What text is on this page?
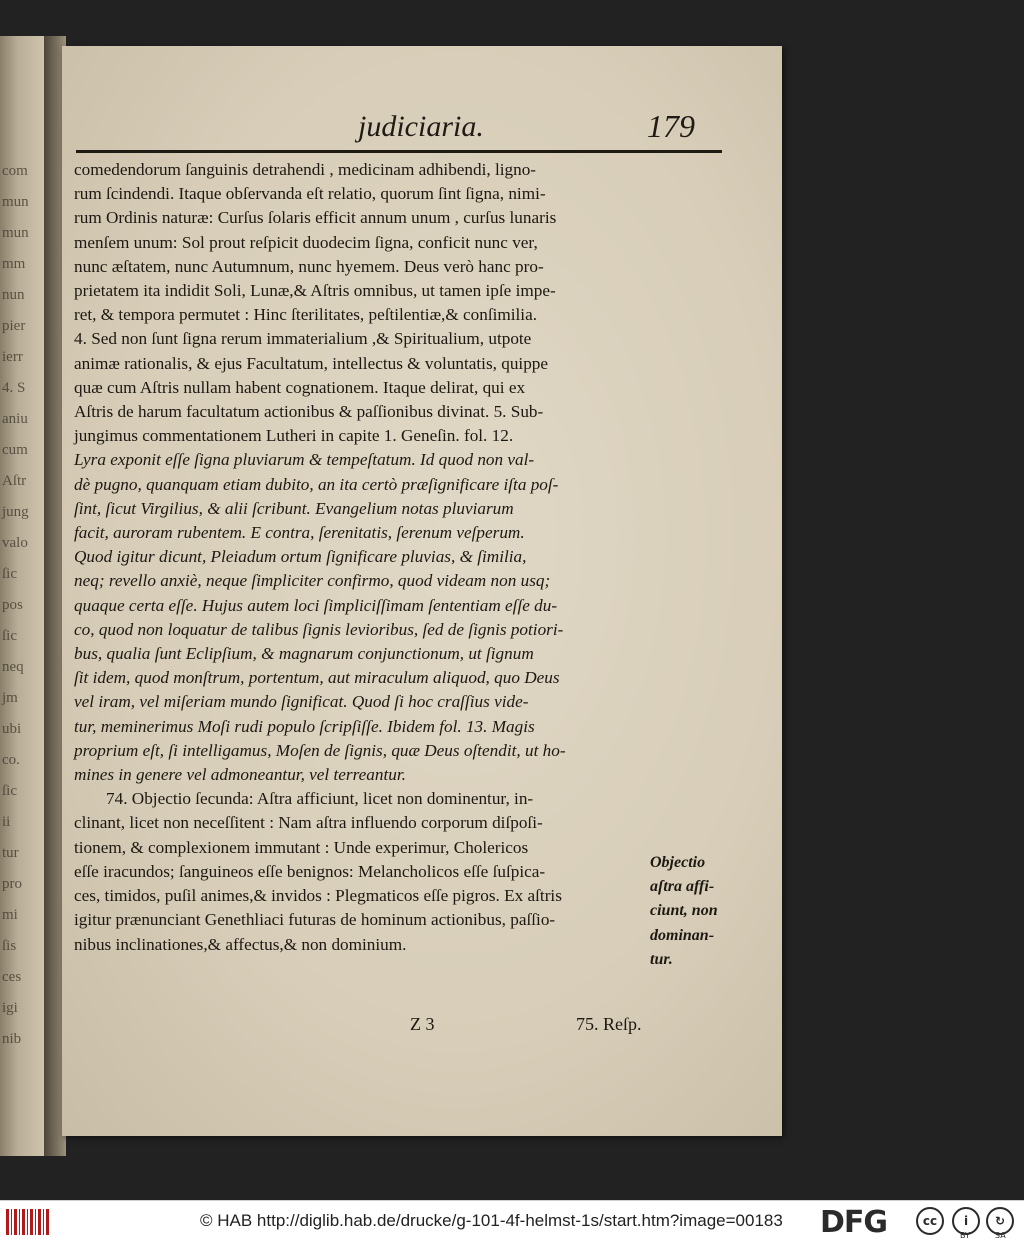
com
mun
mun
mm
nun
pier
ierr
4. S
aniu
cum
Aſtr
jung
valo
ſic
pos
ſic
neq
jm
ubi
co.
ſic
ii
tur
pro
mi
ſis
ces
igi
nib
judiciaria.	179
comedendorum ſanguinis detrahendi , medicinam adhibendi, ligno-
rum ſcindendi. Itaque obſervanda eſt relatio, quorum ſint ſigna, nimi-
rum Ordinis naturæ: Curſus ſolaris efficit annum unum , curſus lunaris
menſem unum: Sol prout reſpicit duodecim ſigna, conficit nunc ver,
nunc æſtatem, nunc Autumnum, nunc hyemem. Deus verò hanc pro-
prietatem ita indidit Soli, Lunæ,& Aſtris omnibus, ut tamen ipſe impe-
ret, & tempora permutet : Hinc ſterilitates, peſtilentiæ,& conſimilia.
4. Sed non ſunt ſigna rerum immaterialium ,& Spiritualium, utpote
animæ rationalis, & ejus Facultatum, intellectus & voluntatis, quippe
quæ cum Aſtris nullam habent cognationem. Itaque delirat, qui ex
Aſtris de harum facultatum actionibus & paſſionibus divinat. 5. Sub-
jungimus commentationem Lutheri in capite 1. Geneſin. fol. 12.
Lyra exponit eſſe ſigna pluviarum & tempeſtatum. Id quod non val-
dè pugno, quanquam etiam dubito, an ita certò præſignificare iſta poſ-
ſint, ſicut Virgilius, & alii ſcribunt. Evangelium notas pluviarum
facit, auroram rubentem. E contra, ſerenitatis, ſerenum veſperum.
Quod igitur dicunt, Pleiadum ortum ſignificare pluvias, & ſimilia,
neq; revello anxiè, neque ſimpliciter confirmo, quod videam non usq;
quaque certa eſſe. Hujus autem loci ſimpliciſſimam ſententiam eſſe du-
co, quod non loquatur de talibus ſignis levioribus, ſed de ſignis potiori-
bus, qualia ſunt Eclipſium, & magnarum conjunctionum, ut ſignum
ſit idem, quod monſtrum, portentum, aut miraculum aliquod, quo Deus
vel iram, vel miſeriam mundo ſignificat. Quod ſi hoc craſſius vide-
tur, meminerimus Moſi rudi populo ſcripſiſſe. Ibidem fol. 13. Magis
proprium eſt, ſi intelligamus, Moſen de ſignis, quæ Deus oſtendit, ut ho-
mines in genere vel admoneantur, vel terreantur.
74. Objectio ſecunda: Aſtra afficiunt, licet non dominentur, in-
clinant, licet non neceſſitent : Nam aſtra influendo corporum diſpoſi-
tionem, & complexionem immutant : Unde experimur, Cholericos
eſſe iracundos; ſanguineos eſſe benignos: Melancholicos eſſe ſuſpica-
ces, timidos, puſil animes,& invidos : Plegmaticos eſſe pigros. Ex aſtris
igitur prænunciant Genethliaci futuras de hominum actionibus, paſſio-
nibus inclinationes,& affectus,& non dominium.
Objectio
aſtra affi-
ciunt, non
dominan-
tur.
Z 3	75. Reſp.
© HAB http://diglib.hab.de/drucke/g-101-4f-helmst-1s/start.htm?image=00183 DFG	cc	i	↻
BY	SA
